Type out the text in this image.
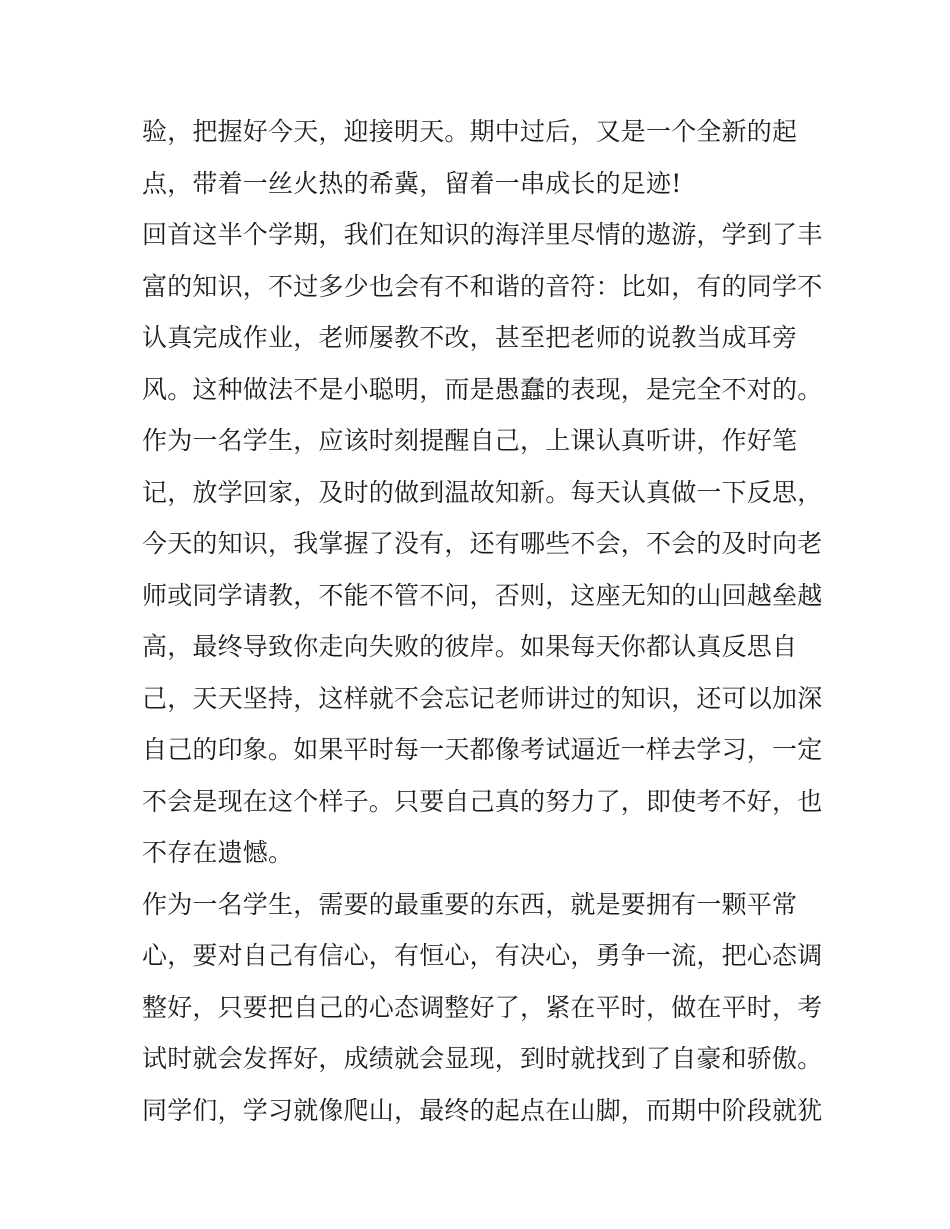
验，把握好今天，迎接明天。期中过后，又是一个全新的起
点，带着一丝火热的希冀，留着一串成长的足迹!
回首这半个学期，我们在知识的海洋里尽情的遨游，学到了丰
富的知识，不过多少也会有不和谐的音符：比如，有的同学不
认真完成作业，老师屡教不改，甚至把老师的说教当成耳旁
风。这种做法不是小聪明，而是愚蠢的表现，是完全不对的。
作为一名学生，应该时刻提醒自己，上课认真听讲，作好笔
记，放学回家，及时的做到温故知新。每天认真做一下反思，
今天的知识，我掌握了没有，还有哪些不会，不会的及时向老
师或同学请教，不能不管不问，否则，这座无知的山回越垒越
高，最终导致你走向失败的彼岸。如果每天你都认真反思自
己，天天坚持，这样就不会忘记老师讲过的知识，还可以加深
自己的印象。如果平时每一天都像考试逼近一样去学习，一定
不会是现在这个样子。只要自己真的努力了，即使考不好，也
不存在遗憾。
作为一名学生，需要的最重要的东西，就是要拥有一颗平常
心，要对自己有信心，有恒心，有决心，勇争一流，把心态调
整好，只要把自己的心态调整好了，紧在平时，做在平时，考
试时就会发挥好，成绩就会显现，到时就找到了自豪和骄傲。
同学们，学习就像爬山，最终的起点在山脚，而期中阶段就犹
